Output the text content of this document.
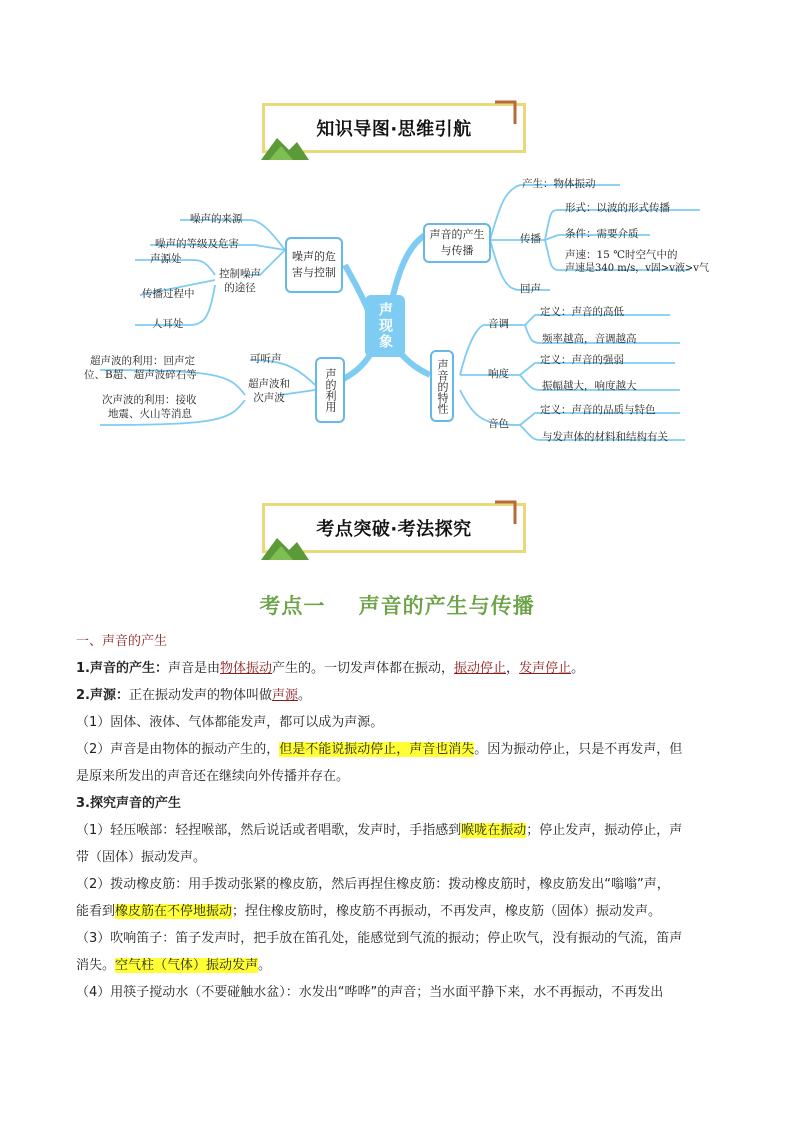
知识导图·思维引航
声现象
声音的产生与传播
产生：物体振动
传播
形式：以波的形式传播
条件：需要介质
声速：15 ℃时空气中的
声速是340 m/s，v固>v液>v气
回声
噪声的危害与控制
噪声的来源
噪声的等级及危害
控制噪声的途径
声源处
传播过程中
人耳处
声音的特性
音调
定义：声音的高低
频率越高，音调越高
响度
定义：声音的强弱
振幅越大，响度越大
音色
定义：声音的品质与特色
与发声体的材料和结构有关
声的利用
可听声
超声波和次声波
超声波的利用：回声定
位、B超、超声波碎石等
次声波的利用：接收
地震、火山等消息
考点突破·考法探究
考点一    声音的产生与传播

一、声音的产生

1.声音的产生：声音是由物体振动产生的。一切发声体都在振动，振动停止，发声停止。

2.声源：正在振动发声的物体叫做声源。

（1）固体、液体、气体都能发声，都可以成为声源。

（2）声音是由物体的振动产生的，但是不能说振动停止，声音也消失。因为振动停止，只是不再发声，但

是原来所发出的声音还在继续向外传播并存在。

3.探究声音的产生

（1）轻压喉部：轻捏喉部，然后说话或者唱歌，发声时，手指感到喉咙在振动；停止发声，振动停止，声

带（固体）振动发声。

（2）拨动橡皮筋：用手拨动张紧的橡皮筋，然后再捏住橡皮筋：拨动橡皮筋时，橡皮筋发出“嗡嗡”声，

能看到橡皮筋在不停地振动；捏住橡皮筋时，橡皮筋不再振动，不再发声，橡皮筋（固体）振动发声。

（3）吹响笛子：笛子发声时，把手放在笛孔处，能感觉到气流的振动；停止吹气，没有振动的气流，笛声

消失。空气柱（气体）振动发声。

（4）用筷子搅动水（不要碰触水盆）：水发出“哗哗”的声音；当水面平静下来，水不再振动，不再发出
